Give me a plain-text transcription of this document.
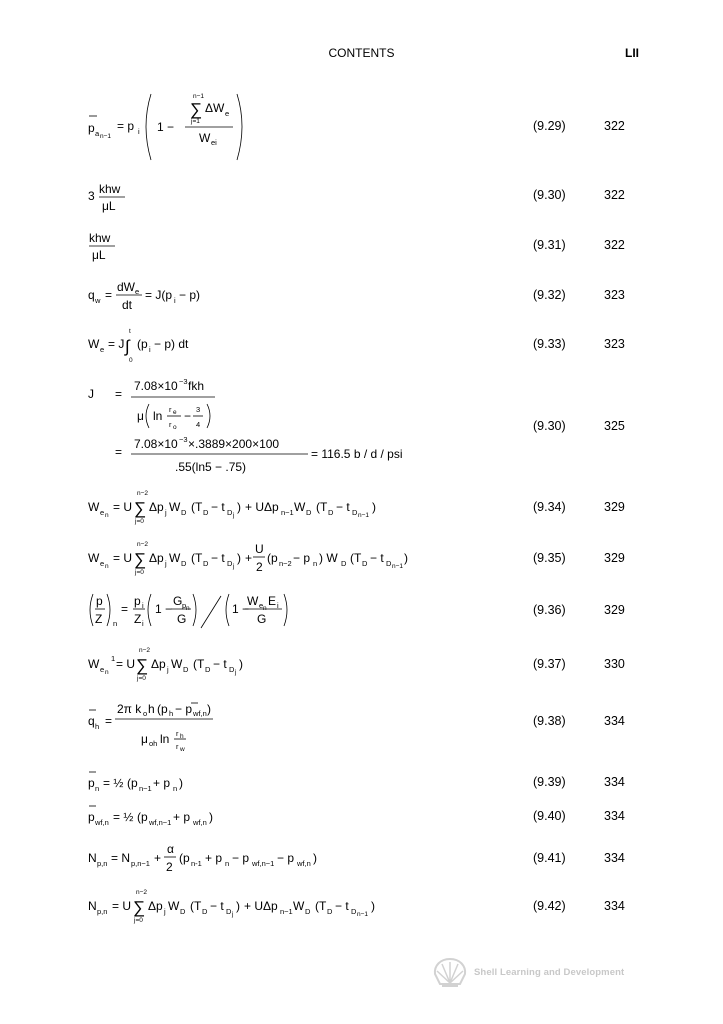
CONTENTS	LII
p a n−1
= p i 1 −
n−1
∑
j=1
ΔW e
W ei
(9.29)	322
3 khw
μL
(9.30)	322
khw
μL
(9.31)	322
q w =
dW e
dt
= J(p i − p)	(9.32)	323
W e = J
t
∫
0
(p i − p) dt	(9.33)	323
J =
7.08×10 −3 fkh
μ ln r e
r o
− 3
4
=
7.08×10 −3 ×.3889×200×100
.55(ln5 − .75)
= 116.5 b / d / psi
(9.30)	325
W e n
= U
n−2
∑
j=0
Δp j W D (T D − t D j
) + UΔp n−1 W D (T D − t D n−1
)	(9.34)	329
W e n
= U
n−2
∑
j=0
Δp j W D (T D − t D j
) +
U
2
(p n−2 − p n ) W D (T D − t D n−1
)	(9.35)	329
p
Z n
=
p i
Z i
1 −
G p n
G
1 −
W e n
E i
G
(9.36)	329
W e n
1 = U
n−2
∑
j=0
Δp j W D (T D − t D j
)	(9.37)	330
q h =
2π k o h (p h − p wf,n )
μ oh ln r h
r w
(9.38)	334
p n = ½ (p n−1 + p n )	(9.39)	334
p wf,n = ½ (p wf,n−1 + p wf,n )	(9.40)	334
N p,n = N p,n−1 +
α
2
(p n-1 + p n − p wf,n−1 − p wf,n )	(9.41)	334
N p,n = U
n−2
∑
j=0
Δp j W D (T D − t D j
) + UΔp n−1 W D (T D − t D n−1
)	(9.42)	334
Shell Learning and Development
